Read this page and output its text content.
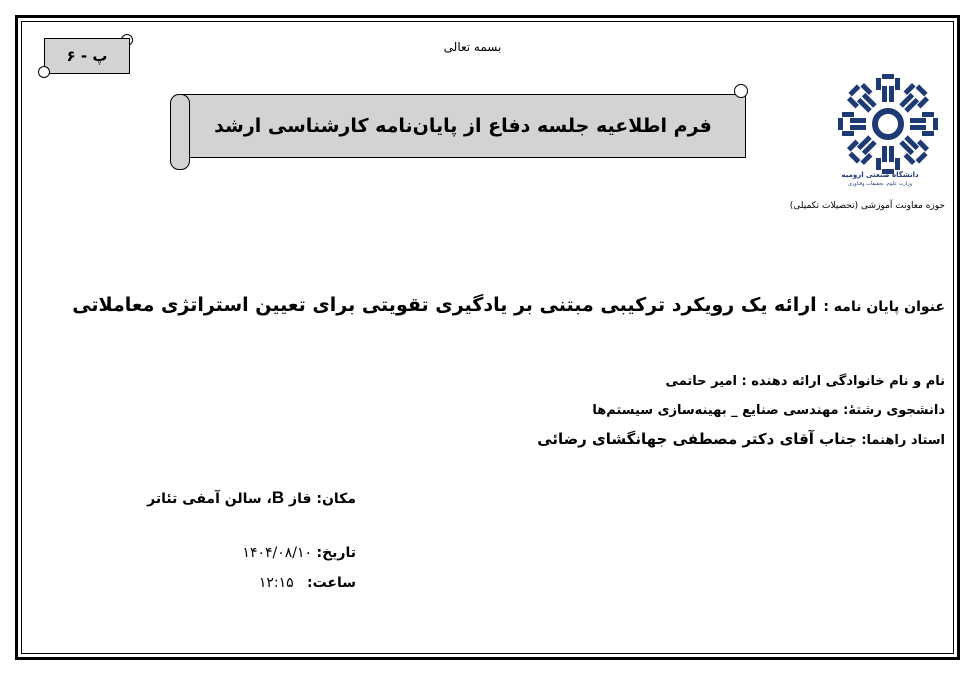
پ - ۶	بسمه تعالی
فرم اطلاعیه جلسه دفاع از پایان‌نامه کارشناسی ارشد
دانشگاه صنعتی ارومیه
وزارت علوم، تحقیقات وفناوری
حوزه معاونت آموزشی (تحصیلات تکمیلی)
عنوان پایان نامه : ارائه یک رویکرد ترکیبی مبتنی بر یادگیری تقویتی برای تعیین استراتژی معاملاتی
نام و نام خانوادگی ارائه دهنده : امیر حاتمی
دانشجوی رشتهٔ: مهندسی صنایع _ بهینه‌سازی سیستم‌ها
استاد راهنما: جناب آقای دکتر مصطفی جهانگشای رضائی
مکان: فاز B، سالن آمفی تئاتر
تاریخ: ۱۴۰۴/۰۸/۱۰
ساعت:   ۱۲:۱۵
